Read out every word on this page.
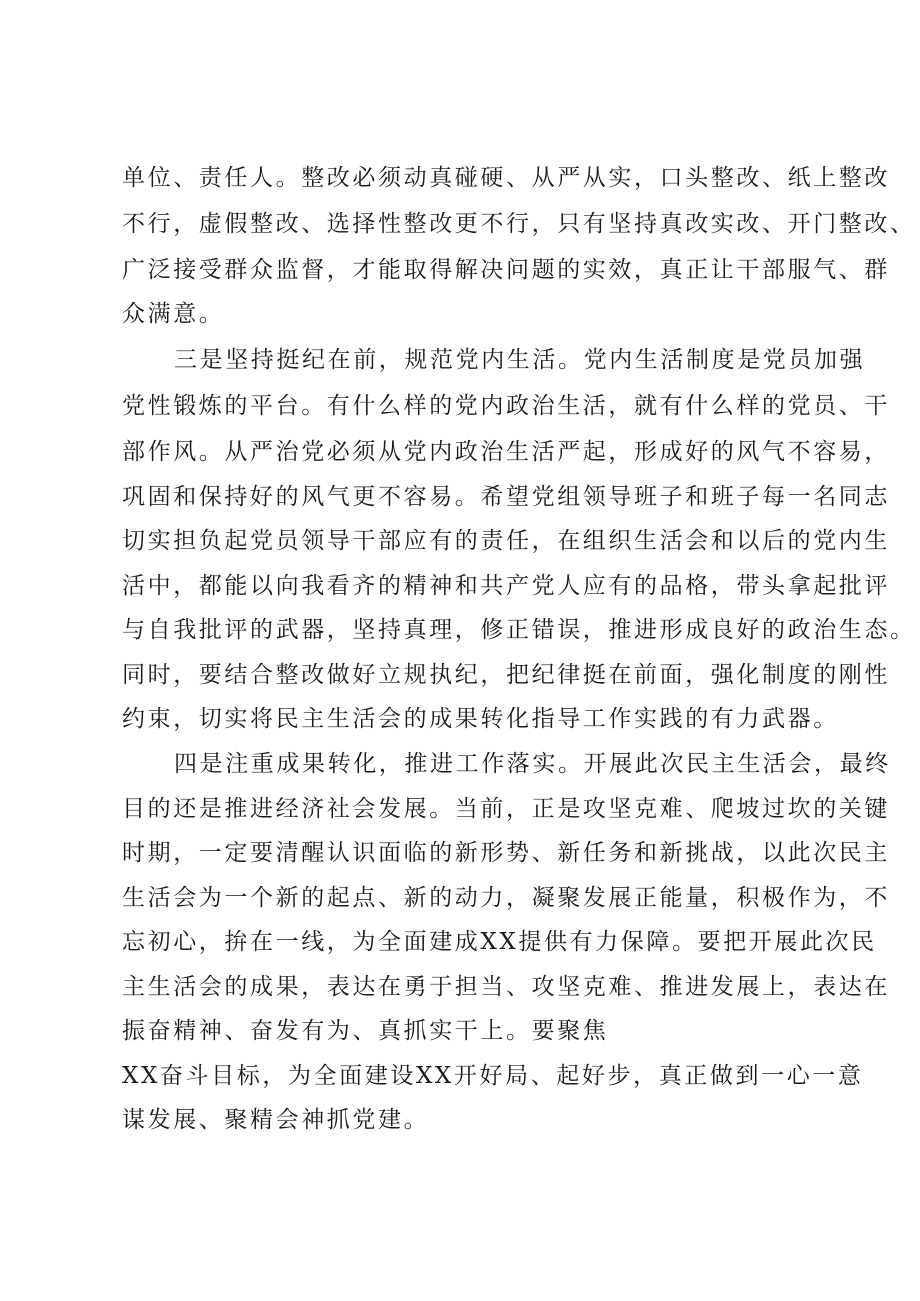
单位、责任人。整改必须动真碰硬、从严从实，口头整改、纸上整改
不行，虚假整改、选择性整改更不行，只有坚持真改实改、开门整改、
广泛接受群众监督，才能取得解决问题的实效，真正让干部服气、群
众满意。
三是坚持挺纪在前，规范党内生活。党内生活制度是党员加强
党性锻炼的平台。有什么样的党内政治生活，就有什么样的党员、干
部作风。从严治党必须从党内政治生活严起，形成好的风气不容易，
巩固和保持好的风气更不容易。希望党组领导班子和班子每一名同志
切实担负起党员领导干部应有的责任，在组织生活会和以后的党内生
活中，都能以向我看齐的精神和共产党人应有的品格，带头拿起批评
与自我批评的武器，坚持真理，修正错误，推进形成良好的政治生态。
同时，要结合整改做好立规执纪，把纪律挺在前面，强化制度的刚性
约束，切实将民主生活会的成果转化指导工作实践的有力武器。
四是注重成果转化，推进工作落实。开展此次民主生活会，最终
目的还是推进经济社会发展。当前，正是攻坚克难、爬坡过坎的关键
时期，一定要清醒认识面临的新形势、新任务和新挑战，以此次民主
生活会为一个新的起点、新的动力，凝聚发展正能量，积极作为，不
忘初心，拚在一线，为全面建成XX提供有力保障。要把开展此次民
主生活会的成果，表达在勇于担当、攻坚克难、推进发展上，表达在
振奋精神、奋发有为、真抓实干上。要聚焦
XX奋斗目标，为全面建设XX开好局、起好步，真正做到一心一意
谋发展、聚精会神抓党建。
